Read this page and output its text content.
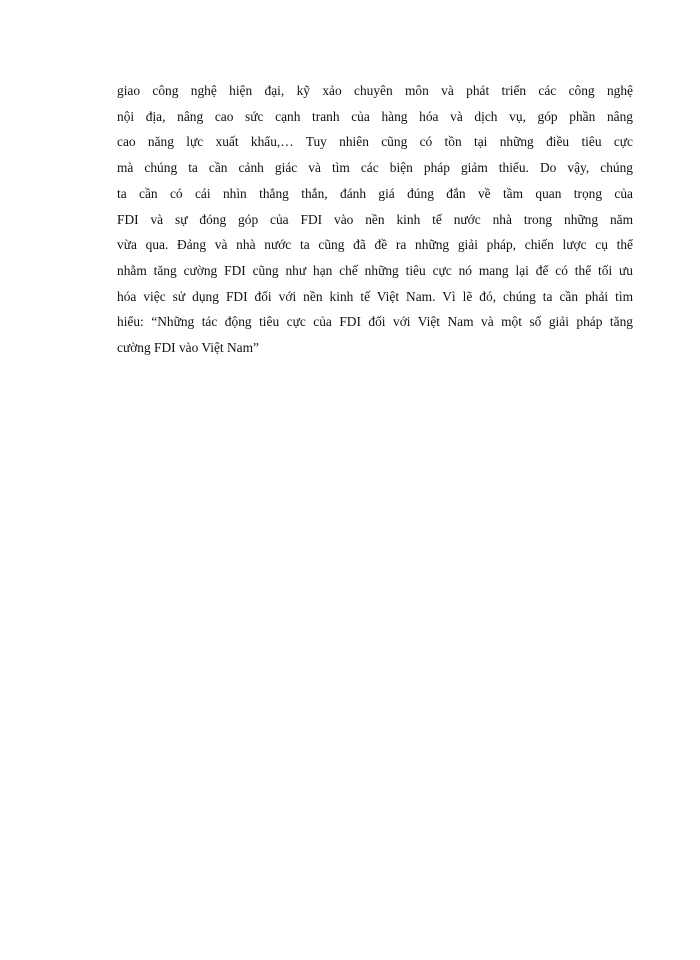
giao công nghệ hiện đại, kỹ xảo chuyên môn và phát triển các công nghệ
nội địa, nâng cao sức cạnh tranh của hàng hóa và dịch vụ, góp phần nâng
cao năng lực xuất khẩu,… Tuy nhiên cũng có tồn tại những điều tiêu cực
mà chúng ta cần cảnh giác và tìm các biện pháp giảm thiểu. Do vậy, chúng
ta cần có cái nhìn thẳng thắn, đánh giá đúng đắn về tầm quan trọng của
FDI và sự đóng góp của FDI vào nền kinh tế nước nhà trong những năm
vừa qua. Đảng và nhà nước ta cũng đã đề ra những giải pháp, chiến lược cụ thể
nhằm tăng cường FDI cũng như hạn chế những tiêu cực nó mang lại để có thể tối ưu
hóa việc sử dụng FDI đối với nền kinh tế Việt Nam. Vì lẽ đó, chúng ta cần phải tìm
hiểu: “Những tác động tiêu cực của FDI đối với Việt Nam và một số giải pháp tăng
cường FDI vào Việt Nam”
